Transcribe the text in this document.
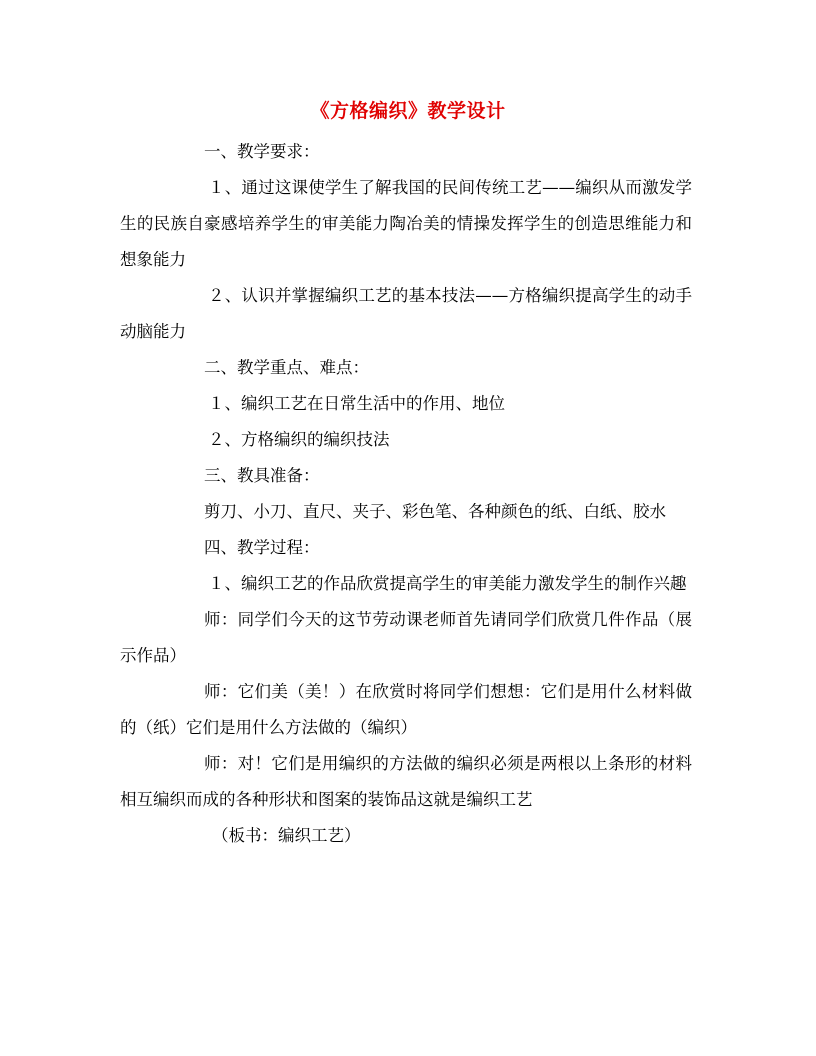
《方格编织》教学设计

一、教学要求：

１、通过这课使学生了解我国的民间传统工艺——编织从而激发学生的民族自豪感培养学生的审美能力陶冶美的情操发挥学生的创造思维能力和想象能力

２、认识并掌握编织工艺的基本技法——方格编织提高学生的动手动脑能力

二、教学重点、难点：

１、编织工艺在日常生活中的作用、地位

２、方格编织的编织技法

三、教具准备：

剪刀、小刀、直尺、夹子、彩色笔、各种颜色的纸、白纸、胶水

四、教学过程：

１、编织工艺的作品欣赏提高学生的审美能力激发学生的制作兴趣

师：同学们今天的这节劳动课老师首先请同学们欣赏几件作品（展示作品）

师：它们美（美！）在欣赏时将同学们想想：它们是用什么材料做的（纸）它们是用什么方法做的（编织）

师：对！它们是用编织的方法做的编织必须是两根以上条形的材料相互编织而成的各种形状和图案的装饰品这就是编织工艺

（板书：编织工艺）
